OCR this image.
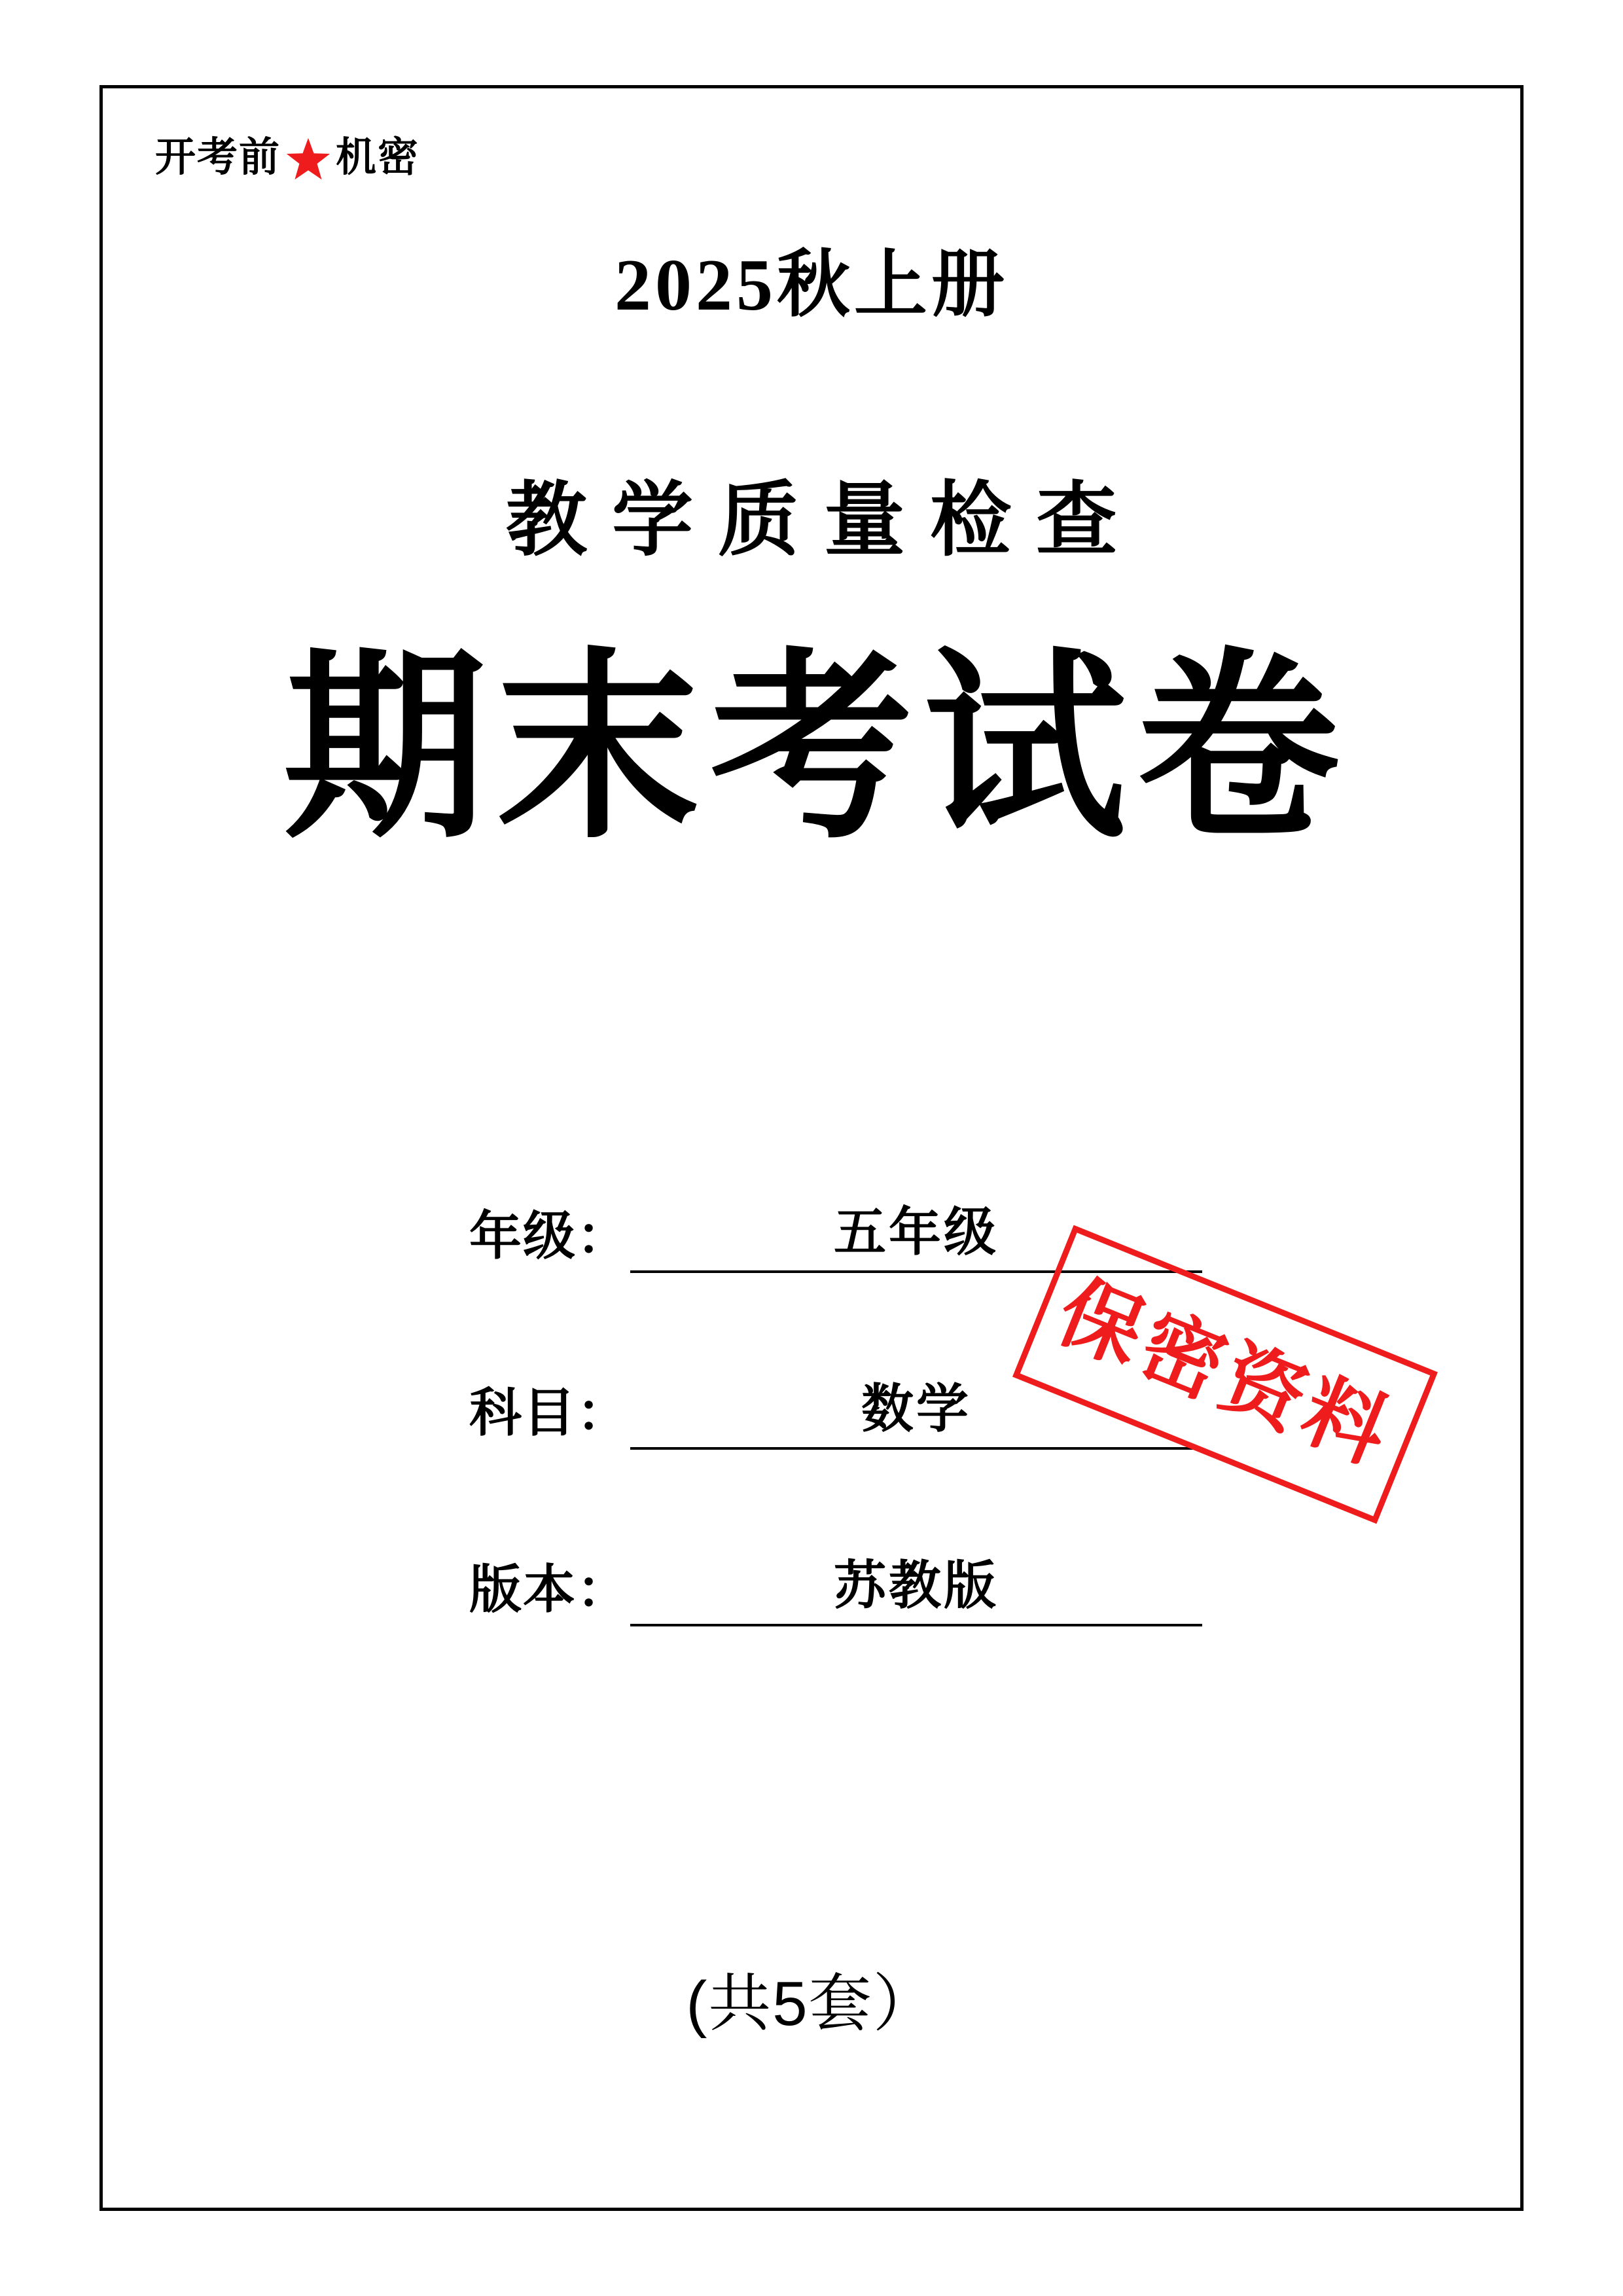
开考前 机密
2025秋上册
教学质量检查
期末考试卷
年级：	五年级
科目：	数学
版本：	苏教版
保密资料
(共5套）
